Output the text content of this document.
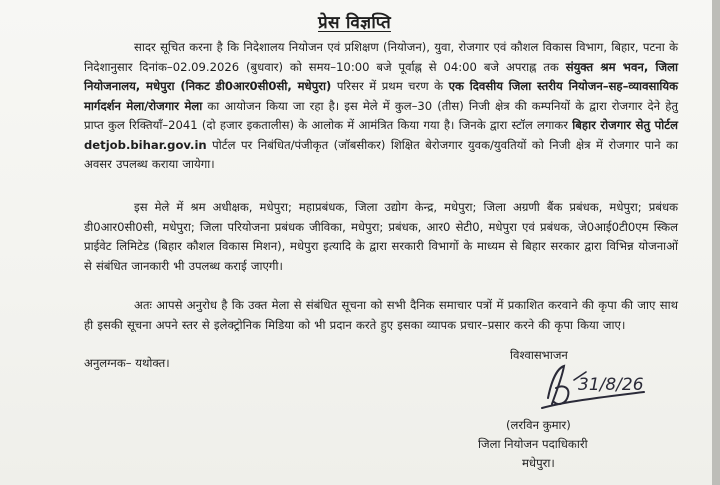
प्रेस विज्ञप्ति
सादर सूचित करना है कि निदेशालय नियोजन एवं प्रशिक्षण (नियोजन), युवा, रोजगार एवं कौशल विकास विभाग, बिहार, पटना के निदेशानुसार दिनांक–02.09.2026 (बुधवार) को समय–10:00 बजे पूर्वाह्न से 04:00 बजे अपराह्न तक संयुक्त श्रम भवन, जिला नियोजनालय, मधेपुरा (निकट डी0आर0सी0सी, मधेपुरा) परिसर में प्रथम चरण के एक दिवसीय जिला स्तरीय नियोजन–सह–व्यावसायिक मार्गदर्शन मेला/रोजगार मेला का आयोजन किया जा रहा है। इस मेले में कुल–30 (तीस) निजी क्षेत्र की कम्पनियों के द्वारा रोजगार देने हेतु प्राप्त कुल रिक्तियाँ–2041 (दो हजार इकतालीस) के आलोक में आमंत्रित किया गया है। जिनके द्वारा स्टॉल लगाकर बिहार रोजगार सेतु पोर्टल detjob.bihar.gov.in पोर्टल पर निबंधित/पंजीकृत (जॉबसीकर) शिक्षित बेरोजगार युवक/युवतियों को निजी क्षेत्र में रोजगार पाने का अवसर उपलब्ध कराया जायेगा।
इस मेले में श्रम अधीक्षक, मधेपुरा; महाप्रबंधक, जिला उद्योग केन्द्र, मधेपुरा; जिला अग्रणी बैंक प्रबंधक, मधेपुरा; प्रबंधक डी0आर0सी0सी, मधेपुरा; जिला परियोजना प्रबंधक जीविका, मधेपुरा; प्रबंधक, आर0 सेटी0, मधेपुरा एवं प्रबंधक, जे0आई0टी0एम स्किल प्राईवेट लिमिटेड (बिहार कौशल विकास मिशन), मधेपुरा इत्यादि के द्वारा सरकारी विभागों के माध्यम से बिहार सरकार द्वारा विभिन्न योजनाओं से संबंधित जानकारी भी उपलब्ध कराई जाएगी।
अतः आपसे अनुरोध है कि उक्त मेला से संबंधित सूचना को सभी दैनिक समाचार पत्रों में प्रकाशित करवाने की कृपा की जाए साथ ही इसकी सूचना अपने स्तर से इलेक्ट्रोनिक मिडिया को भी प्रदान करते हुए इसका व्यापक प्रचार–प्रसार करने की कृपा किया जाए।
अनुलग्नक– यथोक्त।
विश्वासभाजन
31/8/26
(लरविन कुमार)
जिला नियोजन पदाधिकारी
मधेपुरा।
